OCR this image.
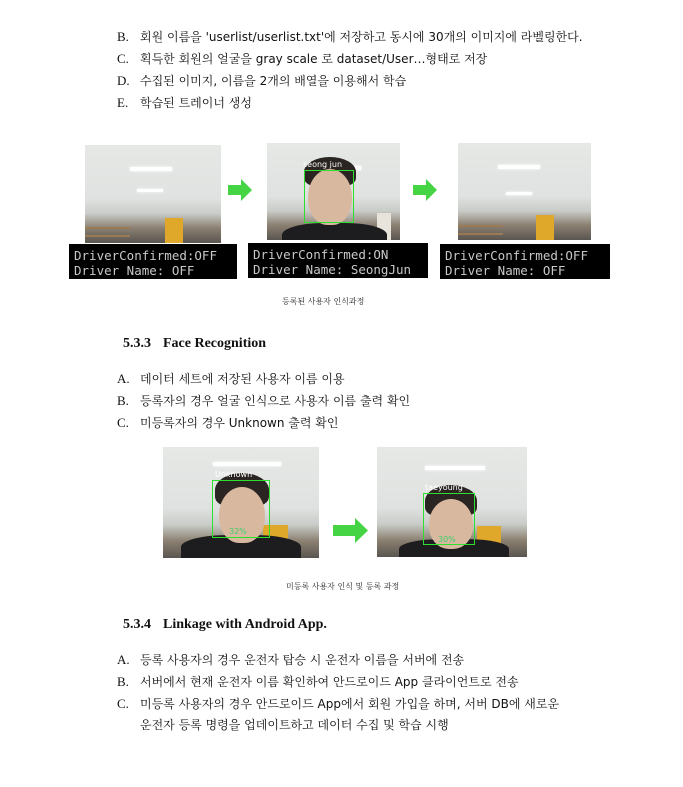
B. 회원 이름을 'userlist/userlist.txt'에 저장하고 동시에 30개의 이미지에 라벨링한다.
C. 획득한 회원의 얼굴을 gray scale 로 dataset/User…형태로 저장
D. 수집된 이미지, 이름을 2개의 배열을 이용해서 학습
E. 학습된 트레이너 생성
DriverConfirmed:OFF
Driver Name: OFF
seong jun
DriverConfirmed:ON
Driver Name: SeongJun
DriverConfirmed:OFF
Driver Name: OFF
등록된 사용자 인식과정
5.3.3 Face Recognition
A. 데이터 세트에 저장된 사용자 이름 이용
B. 등록자의 경우 얼굴 인식으로 사용자 이름 출력 확인
C. 미등록자의 경우 Unknown 출력 확인
Unknown
32%
taeyoung
30%
미등록 사용자 인식 및 등록 과정
5.3.4 Linkage with Android App.
A. 등록 사용자의 경우 운전자 탑승 시 운전자 이름을 서버에 전송
B. 서버에서 현재 운전자 이름 확인하여 안드로이드 App 클라이언트로 전송
C. 미등록 사용자의 경우 안드로이드 App에서 회원 가입을 하며, 서버 DB에 새로운
운전자 등록 명령을 업데이트하고 데이터 수집 및 학습 시행
